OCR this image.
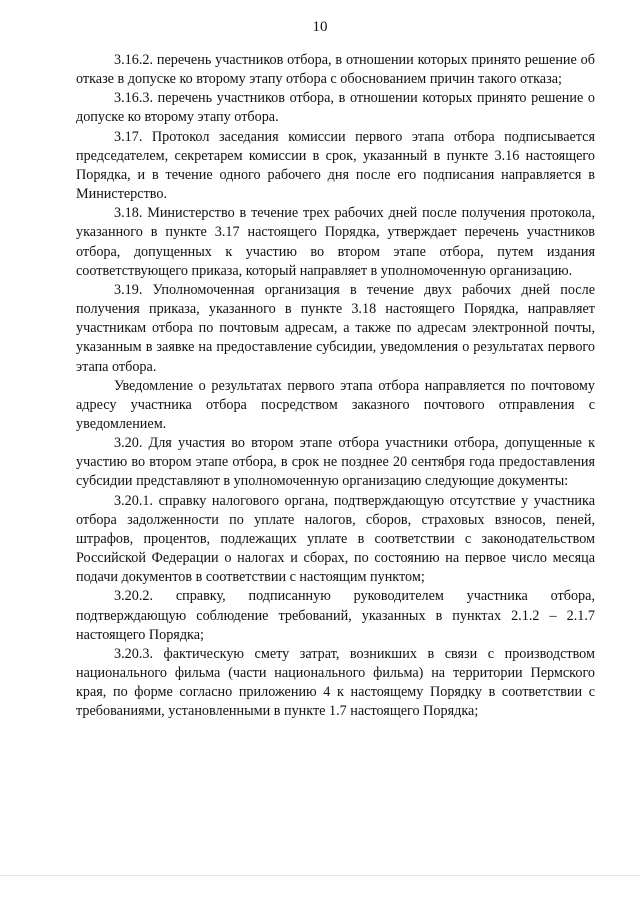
10

3.16.2. перечень участников отбора, в отношении которых принято решение об отказе в допуске ко второму этапу отбора с обоснованием причин такого отказа;

3.16.3. перечень участников отбора, в отношении которых принято решение о допуске ко второму этапу отбора.

3.17. Протокол заседания комиссии первого этапа отбора подписывается председателем, секретарем комиссии в срок, указанный в пункте 3.16 настоящего Порядка, и в течение одного рабочего дня после его подписания направляется в Министерство.

3.18. Министерство в течение трех рабочих дней после получения протокола, указанного в пункте 3.17 настоящего Порядка, утверждает перечень участников отбора, допущенных к участию во втором этапе отбора, путем издания соответствующего приказа, который направляет в уполномоченную организацию.

3.19. Уполномоченная организация в течение двух рабочих дней после получения приказа, указанного в пункте 3.18 настоящего Порядка, направляет участникам отбора по почтовым адресам, а также по адресам электронной почты, указанным в заявке на предоставление субсидии, уведомления о результатах первого этапа отбора.

Уведомление о результатах первого этапа отбора направляется по почтовому адресу участника отбора посредством заказного почтового отправления с уведомлением.

3.20. Для участия во втором этапе отбора участники отбора, допущенные к участию во втором этапе отбора, в срок не позднее 20 сентября года предоставления субсидии представляют в уполномоченную организацию следующие документы:

3.20.1. справку налогового органа, подтверждающую отсутствие у участника отбора задолженности по уплате налогов, сборов, страховых взносов, пеней, штрафов, процентов, подлежащих уплате в соответствии с законодательством Российской Федерации о налогах и сборах, по состоянию на первое число месяца подачи документов в соответствии с настоящим пунктом;

3.20.2. справку, подписанную руководителем участника отбора, подтверждающую соблюдение требований, указанных в пунктах 2.1.2 – 2.1.7 настоящего Порядка;

3.20.3. фактическую смету затрат, возникших в связи с производством национального фильма (части национального фильма) на территории Пермского края, по форме согласно приложению 4 к настоящему Порядку в соответствии с требованиями, установленными в пункте 1.7 настоящего Порядка;
